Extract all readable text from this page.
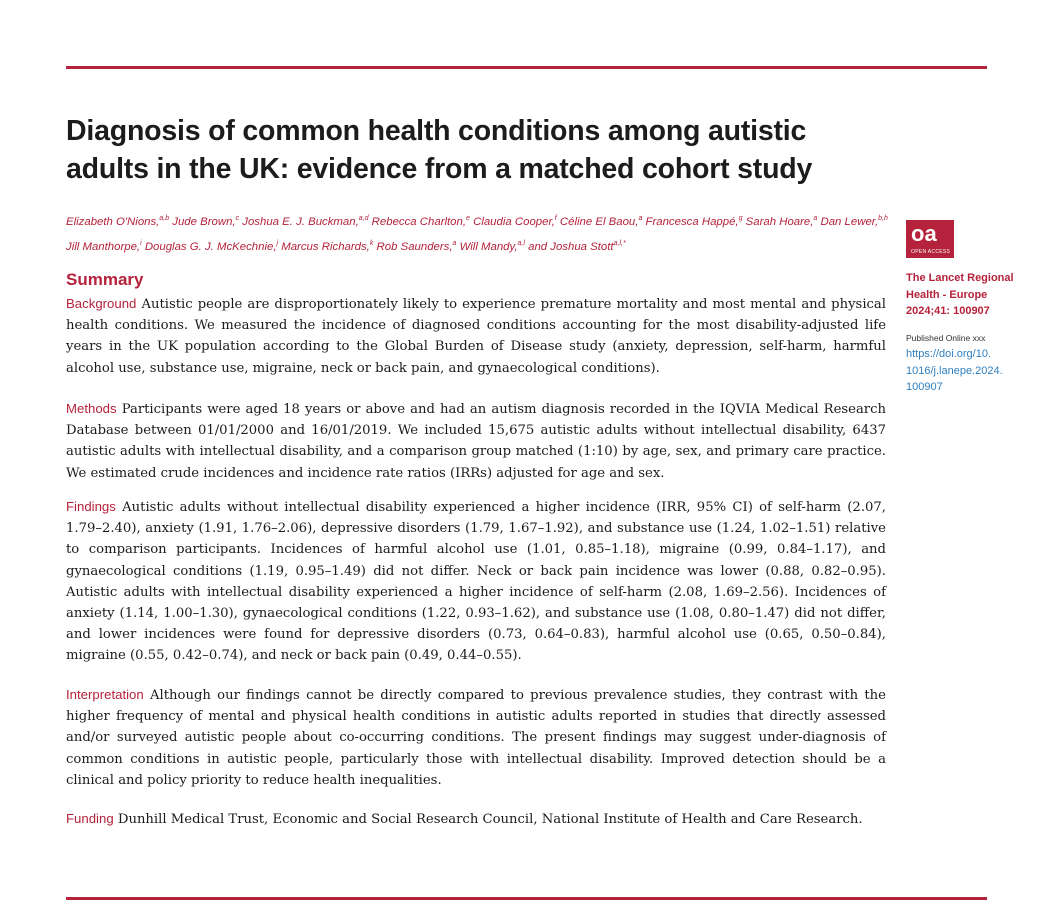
Diagnosis of common health conditions among autistic adults in the UK: evidence from a matched cohort study
Elizabeth O'Nions,$^{a,b}$ Jude Brown,$^c$ Joshua E. J. Buckman,$^{a,d}$ Rebecca Charlton,$^e$ Claudia Cooper,$^f$ Céline El Baou,$^a$ Francesca Happé,$^g$ Sarah Hoare,$^a$ Dan Lewer,$^{b,h}$ Jill Manthorpe,$^i$ Douglas G. J. McKechnie,$^j$ Marcus Richards,$^k$ Rob Saunders,$^a$ Will Mandy,$^{a,l}$ and Joshua Stott$^{a,l,*}$
Summary

Background Autistic people are disproportionately likely to experience premature mortality and most mental and physical health conditions. We measured the incidence of diagnosed conditions accounting for the most disability-adjusted life years in the UK population according to the Global Burden of Disease study (anxiety, depression, self-harm, harmful alcohol use, substance use, migraine, neck or back pain, and gynaecological conditions).

Methods Participants were aged 18 years or above and had an autism diagnosis recorded in the IQVIA Medical Research Database between 01/01/2000 and 16/01/2019. We included 15,675 autistic adults without intellectual disability, 6437 autistic adults with intellectual disability, and a comparison group matched (1:10) by age, sex, and primary care practice. We estimated crude incidences and incidence rate ratios (IRRs) adjusted for age and sex.

Findings Autistic adults without intellectual disability experienced a higher incidence (IRR, 95% CI) of self-harm (2.07, 1.79–2.40), anxiety (1.91, 1.76–2.06), depressive disorders (1.79, 1.67–1.92), and substance use (1.24, 1.02–1.51) relative to comparison participants. Incidences of harmful alcohol use (1.01, 0.85–1.18), migraine (0.99, 0.84–1.17), and gynaecological conditions (1.19, 0.95–1.49) did not differ. Neck or back pain incidence was lower (0.88, 0.82–0.95). Autistic adults with intellectual disability experienced a higher incidence of self-harm (2.08, 1.69–2.56). Incidences of anxiety (1.14, 1.00–1.30), gynaecological conditions (1.22, 0.93–1.62), and substance use (1.08, 0.80–1.47) did not differ, and lower incidences were found for depressive disorders (0.73, 0.64–0.83), harmful alcohol use (0.65, 0.50–0.84), migraine (0.55, 0.42–0.74), and neck or back pain (0.49, 0.44–0.55).

Interpretation Although our findings cannot be directly compared to previous prevalence studies, they contrast with the higher frequency of mental and physical health conditions in autistic adults reported in studies that directly assessed and/or surveyed autistic people about co-occurring conditions. The present findings may suggest under-diagnosis of common conditions in autistic people, particularly those with intellectual disability. Improved detection should be a clinical and policy priority to reduce health inequalities.

Funding Dunhill Medical Trust, Economic and Social Research Council, National Institute of Health and Care Research.

oa
OPEN ACCESS
The Lancet Regional
Health - Europe
2024;41: 100907
Published Online xxx
https://doi.org/10.
1016/j.lanepe.2024.
100907
